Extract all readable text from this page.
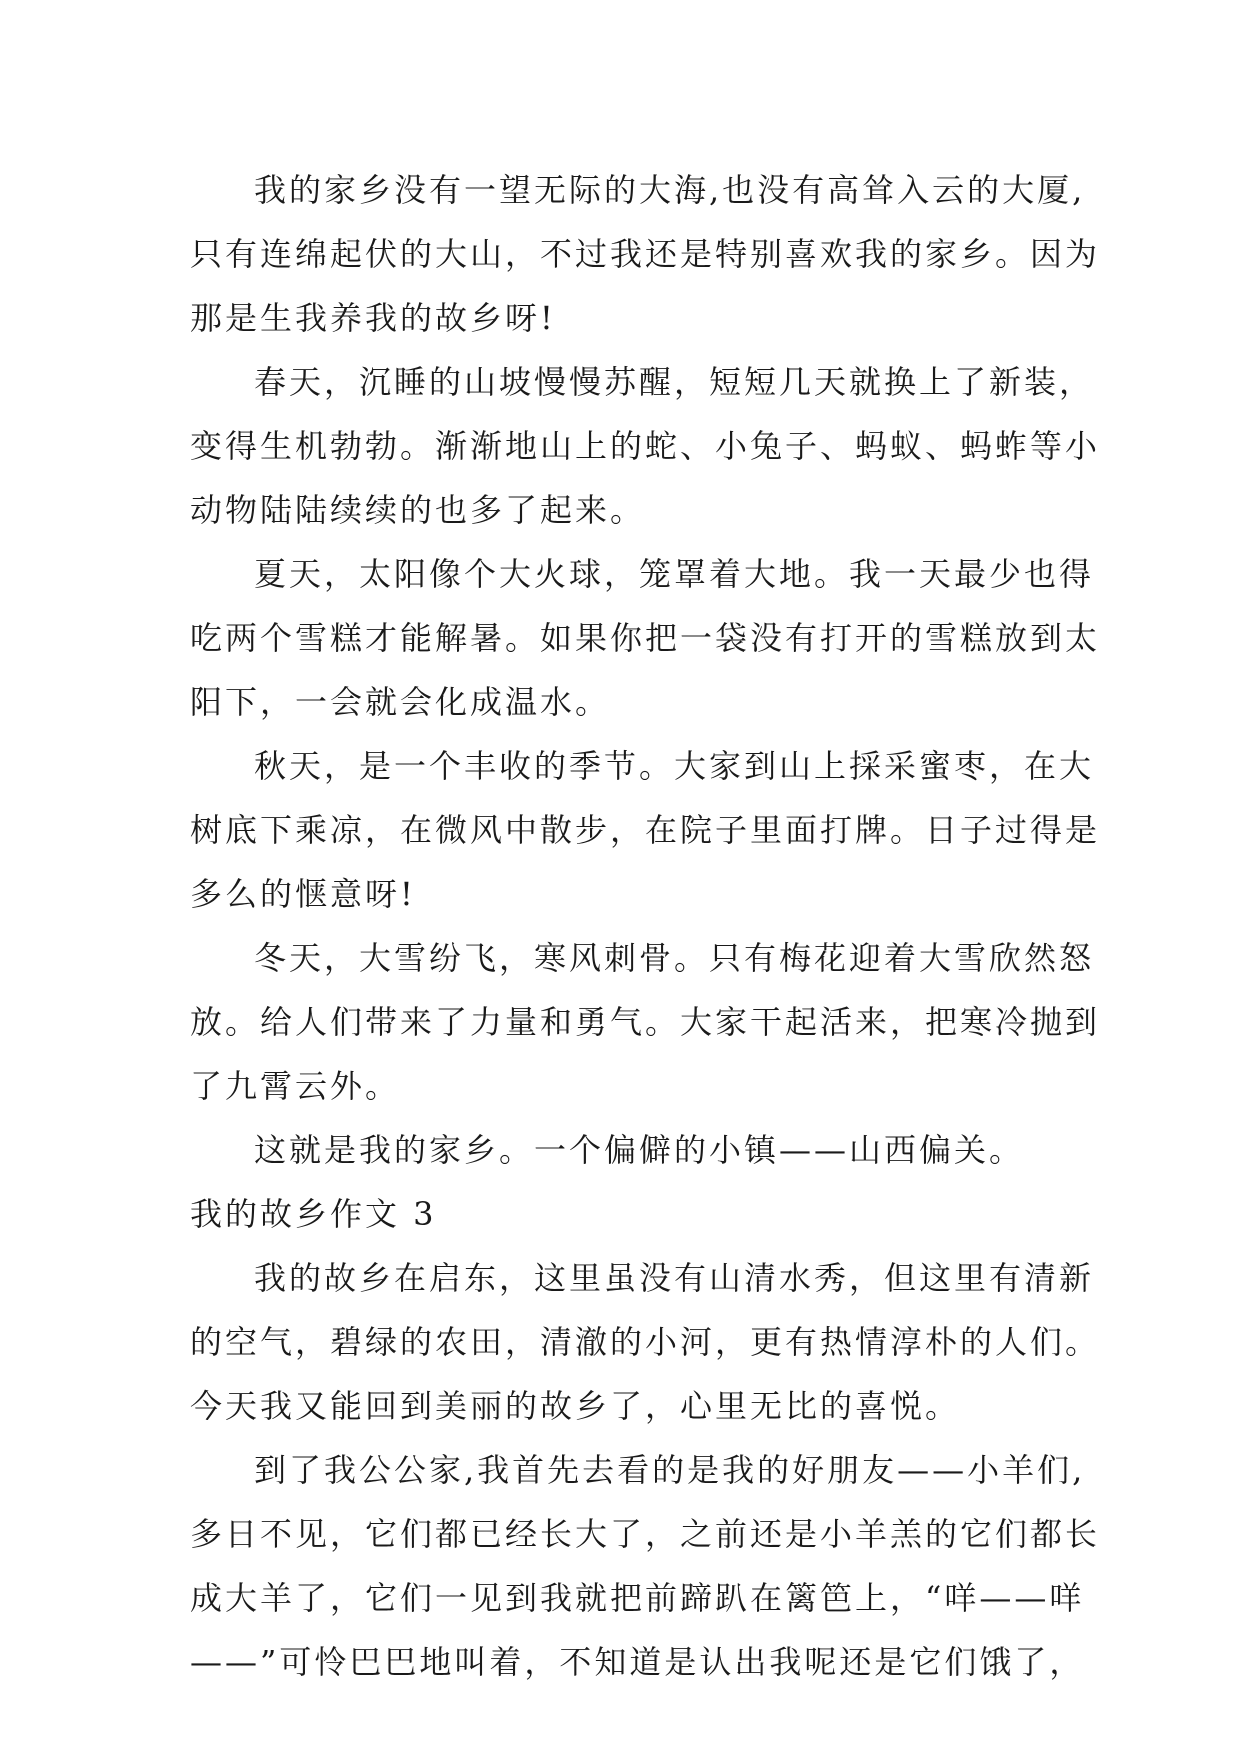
我的家乡没有一望无际的大海,也没有高耸入云的大厦,
只有连绵起伏的大山，不过我还是特别喜欢我的家乡。因为
那是生我养我的故乡呀!
春天，沉睡的山坡慢慢苏醒，短短几天就换上了新装，
变得生机勃勃。渐渐地山上的蛇、小兔子、蚂蚁、蚂蚱等小
动物陆陆续续的也多了起来。
夏天，太阳像个大火球，笼罩着大地。我一天最少也得
吃两个雪糕才能解暑。如果你把一袋没有打开的雪糕放到太
阳下，一会就会化成温水。
秋天，是一个丰收的季节。大家到山上採采蜜枣，在大
树底下乘凉，在微风中散步，在院子里面打牌。日子过得是
多么的惬意呀!
冬天，大雪纷飞，寒风刺骨。只有梅花迎着大雪欣然怒
放。给人们带来了力量和勇气。大家干起活来，把寒冷抛到
了九霄云外。
这就是我的家乡。一个偏僻的小镇——山西偏关。
我的故乡作文 3
我的故乡在启东，这里虽没有山清水秀，但这里有清新
的空气，碧绿的农田，清澈的小河，更有热情淳朴的人们。
今天我又能回到美丽的故乡了，心里无比的喜悦。
到了我公公家,我首先去看的是我的好朋友——小羊们,
多日不见，它们都已经长大了，之前还是小羊羔的它们都长
成大羊了，它们一见到我就把前蹄趴在篱笆上，“咩——咩
——”可怜巴巴地叫着，不知道是认出我呢还是它们饿了，
